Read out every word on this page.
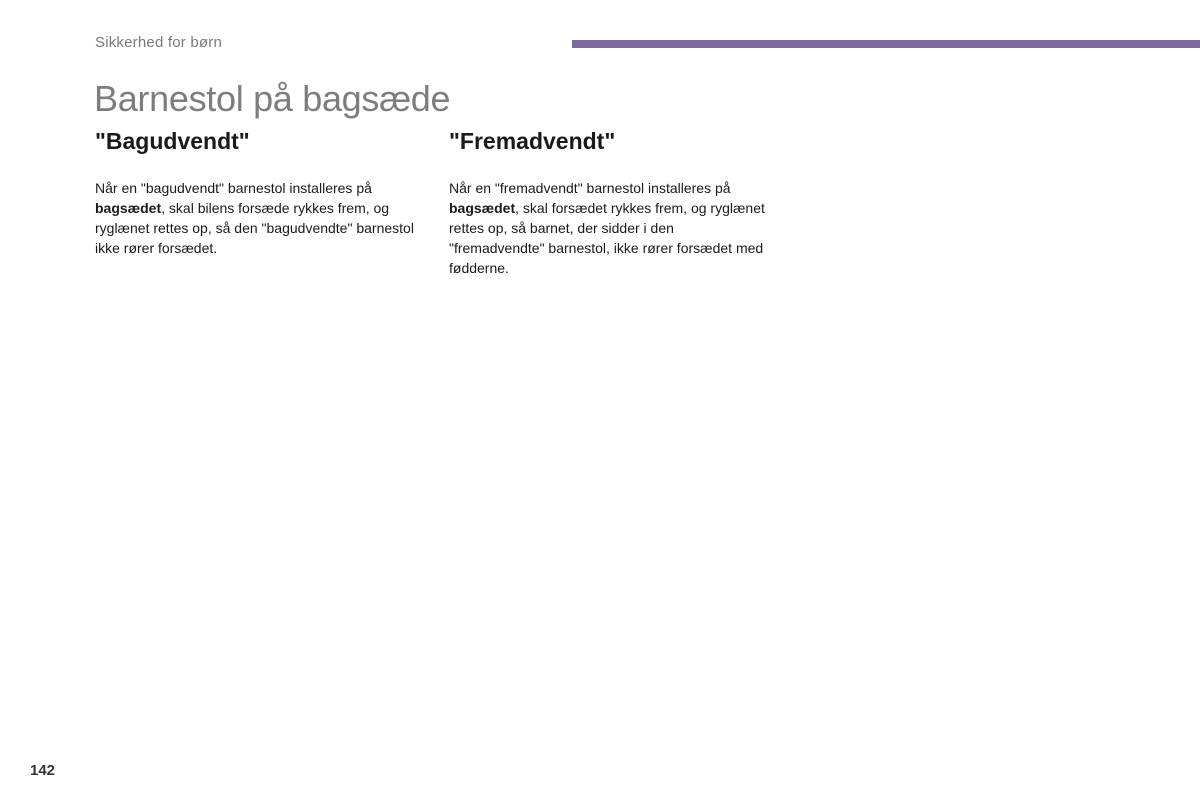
Sikkerhed for børn
Barnestol på bagsæde
"Bagudvendt"

Når en "bagudvendt" barnestol installeres på bagsædet, skal bilens forsæde rykkes frem, og ryglænet rettes op, så den "bagudvendte" barnestol ikke rører forsædet.

"Fremadvendt"

Når en "fremadvendt" barnestol installeres på bagsædet, skal forsædet rykkes frem, og ryglænet rettes op, så barnet, der sidder i den "fremadvendte" barnestol, ikke rører forsædet med fødderne.

142
